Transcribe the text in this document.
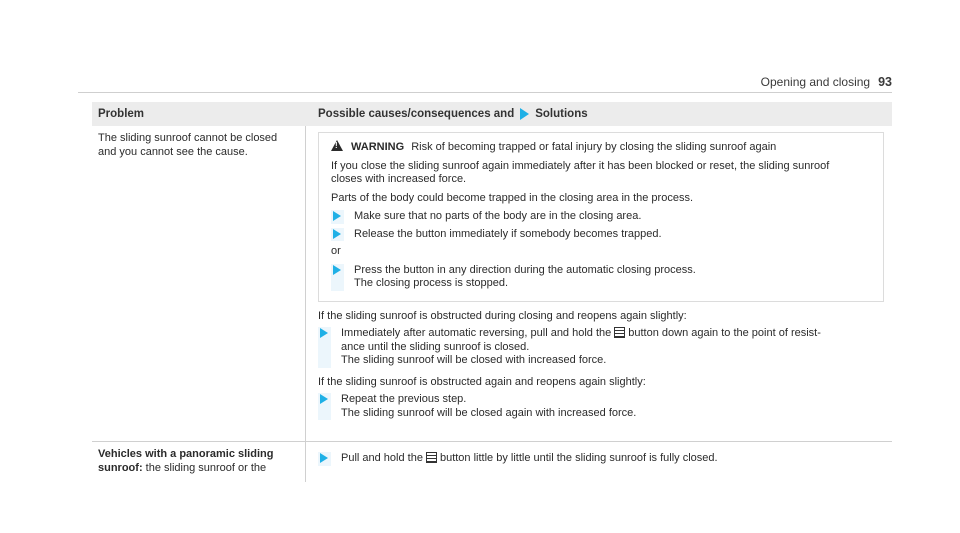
Opening and closing 93
Problem	Possible causes/consequences and Solutions
The sliding sunroof cannot be closed
and you cannot see the cause.

!	WARNING Risk of becoming trapped or fatal injury by closing the sliding sunroof again

If you close the sliding sunroof again immediately after it has been blocked or reset, the sliding sunroof
closes with increased force.

Parts of the body could become trapped in the closing area in the process.

Make sure that no parts of the body are in the closing area.
Release the button immediately if somebody becomes trapped.

or

Press the button in any direction during the automatic closing process.
The closing process is stopped.
If the sliding sunroof is obstructed during closing and reopens again slightly:
Immediately after automatic reversing, pull and hold the button down again to the point of resist-
ance until the sliding sunroof is closed.
The sliding sunroof will be closed with increased force.
If the sliding sunroof is obstructed again and reopens again slightly:
Repeat the previous step.
The sliding sunroof will be closed again with increased force.
Vehicles with a panoramic sliding
sunroof: the sliding sunroof or the
Pull and hold the button little by little until the sliding sunroof is fully closed.
